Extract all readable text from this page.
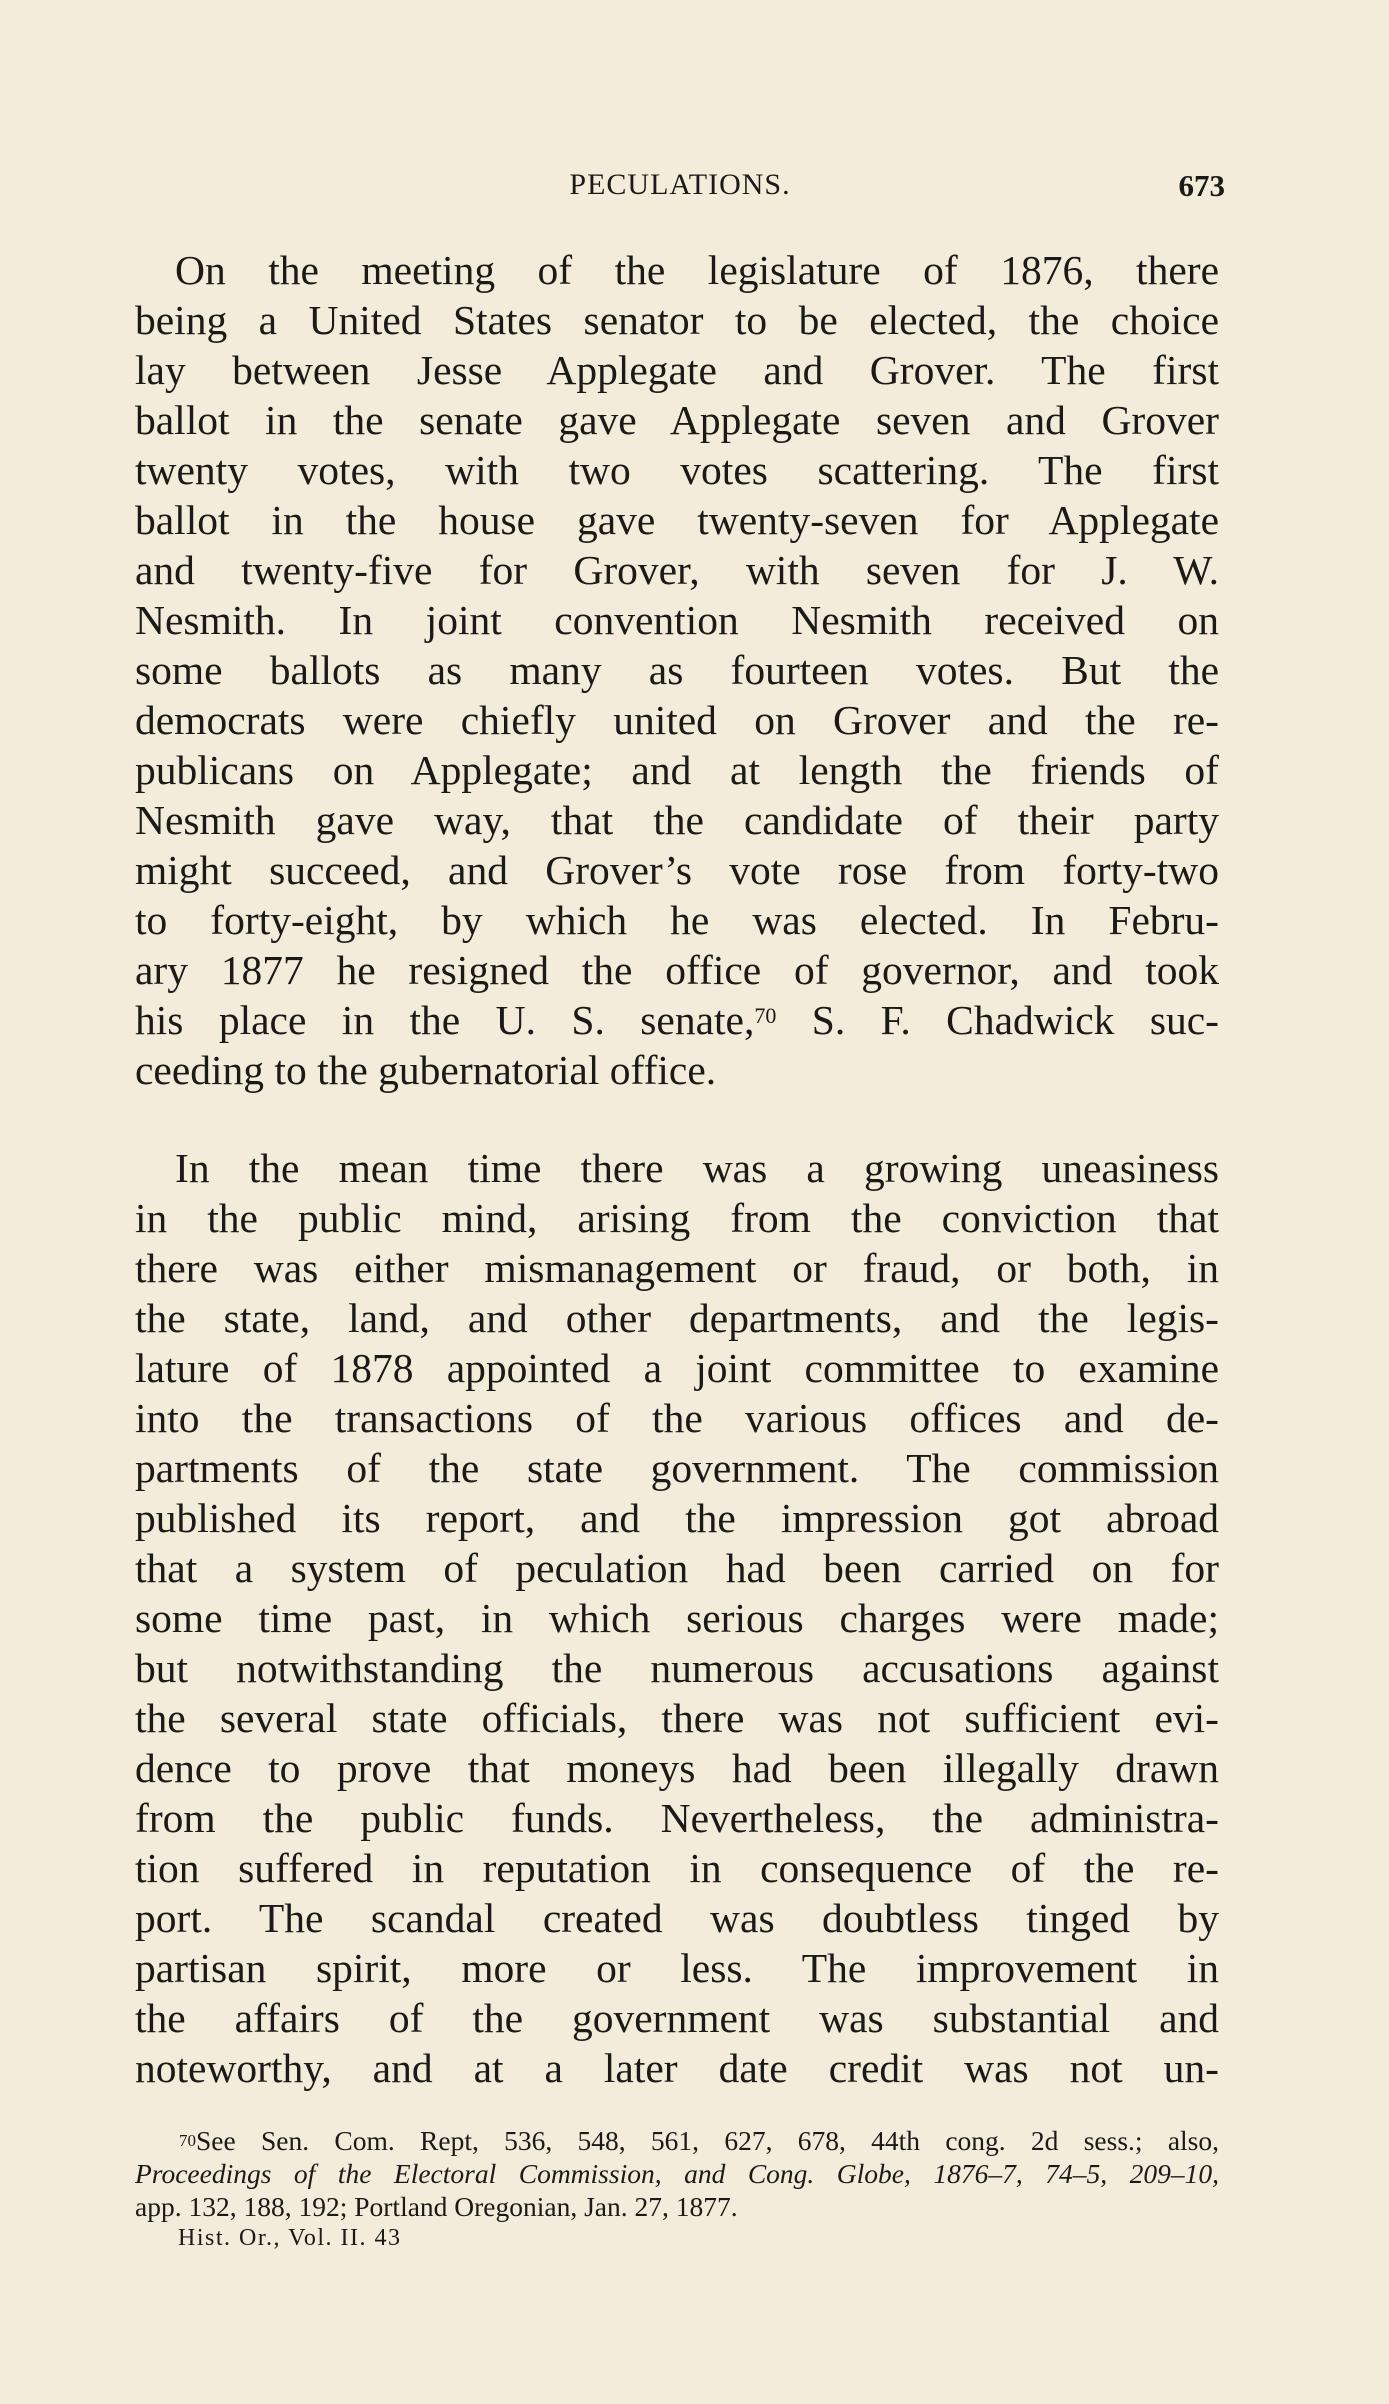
PECULATIONS.	673
On the meeting of the legislature of 1876, there
being a United States senator to be elected, the choice
lay between Jesse Applegate and Grover. The first
ballot in the senate gave Applegate seven and Grover
twenty votes, with two votes scattering. The first
ballot in the house gave twenty-seven for Applegate
and twenty-five for Grover, with seven for J. W.
Nesmith. In joint convention Nesmith received on
some ballots as many as fourteen votes. But the
democrats were chiefly united on Grover and the re-
publicans on Applegate; and at length the friends of
Nesmith gave way, that the candidate of their party
might succeed, and Grover’s vote rose from forty-two
to forty-eight, by which he was elected. In Febru-
ary 1877 he resigned the office of governor, and took
his place in the U. S. senate,$^{70}$ S. F. Chadwick suc-
ceeding to the gubernatorial office.
In the mean time there was a growing uneasiness
in the public mind, arising from the conviction that
there was either mismanagement or fraud, or both, in
the state, land, and other departments, and the legis-
lature of 1878 appointed a joint committee to examine
into the transactions of the various offices and de-
partments of the state government. The commission
published its report, and the impression got abroad
that a system of peculation had been carried on for
some time past, in which serious charges were made;
but notwithstanding the numerous accusations against
the several state officials, there was not sufficient evi-
dence to prove that moneys had been illegally drawn
from the public funds. Nevertheless, the administra-
tion suffered in reputation in consequence of the re-
port. The scandal created was doubtless tinged by
partisan spirit, more or less. The improvement in
the affairs of the government was substantial and
noteworthy, and at a later date credit was not un-
$^{70}$See Sen. Com. Rept, 536, 548, 561, 627, 678, 44th cong. 2d sess.; also,
Proceedings of the Electoral Commission, and Cong. Globe, 1876–7, 74–5, 209–10,
app. 132, 188, 192; Portland Oregonian, Jan. 27, 1877.
Hist. Or., Vol. II. 43
